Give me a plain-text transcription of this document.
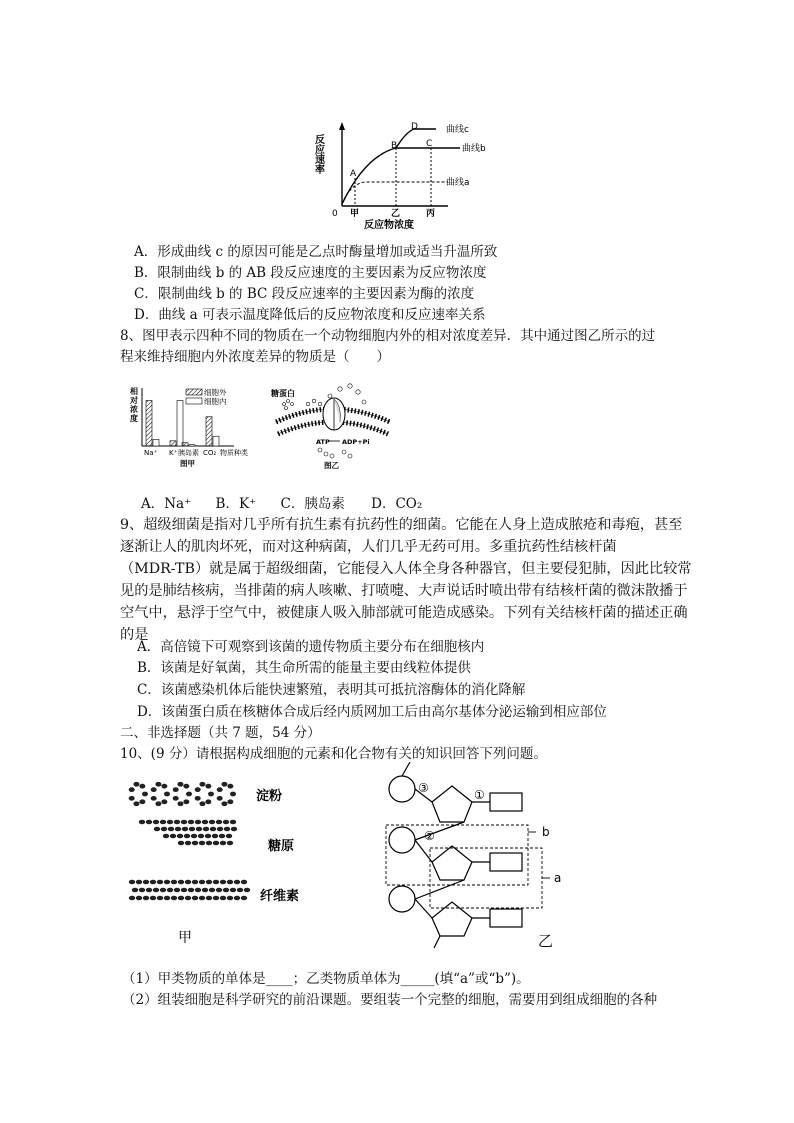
反应速率	A
B	C
D	曲线c
曲线b
曲线a
0 甲	乙	丙
反应物浓度
A．形成曲线 c 的原因可能是乙点时酶量增加或适当升温所致
B．限制曲线 b 的 AB 段反应速度的主要因素为反应物浓度
C．限制曲线 b 的 BC 段反应速率的主要因素为酶的浓度
D．曲线 a 可表示温度降低后的反应物浓度和反应速率关系
8、图甲表示四种不同的物质在一个动物细胞内外的相对浓度差异．其中通过图乙所示的过
程来维持细胞内外浓度差异的物质是（　　）
相
对
浓
度
细胞外
细胞内
Na⁺ K⁺ 胰岛素 CO₂ 物质种类
图甲
糖蛋白
ATP ADP+Pi
图乙
A．Na⁺ B．K⁺ C．胰岛素 D．CO₂
9、超级细菌是指对几乎所有抗生素有抗药性的细菌。它能在人身上造成脓疮和毒疱，甚至
逐渐让人的肌肉坏死，而对这种病菌，人们几乎无药可用。多重抗药性结核杆菌
（MDR-TB）就是属于超级细菌，它能侵入人体全身各种器官，但主要侵犯肺，因此比较常
见的是肺结核病，当排菌的病人咳嗽、打喷嚏、大声说话时喷出带有结核杆菌的微沫散播于
空气中，悬浮于空气中，被健康人吸入肺部就可能造成感染。下列有关结核杆菌的描述正确
的是
A．高倍镜下可观察到该菌的遗传物质主要分布在细胞核内
B．该菌是好氧菌，其生命所需的能量主要由线粒体提供
C．该菌感染机体后能快速繁殖，表明其可抵抗溶酶体的消化降解
D．该菌蛋白质在核糖体合成后经内质网加工后由高尔基体分泌运输到相应部位
二、非选择题（共 7 题，54 分）
10、(9 分）请根据构成细胞的元素和化合物有关的知识回答下列问题。
淀粉
糖原
纤维素
甲
③	①
②	b
a
乙
（1）甲类物质的单体是____；乙类物质单体为_____(填“a”或“b”)。
（2）组装细胞是科学研究的前沿课题。要组装一个完整的细胞，需要用到组成细胞的各种
